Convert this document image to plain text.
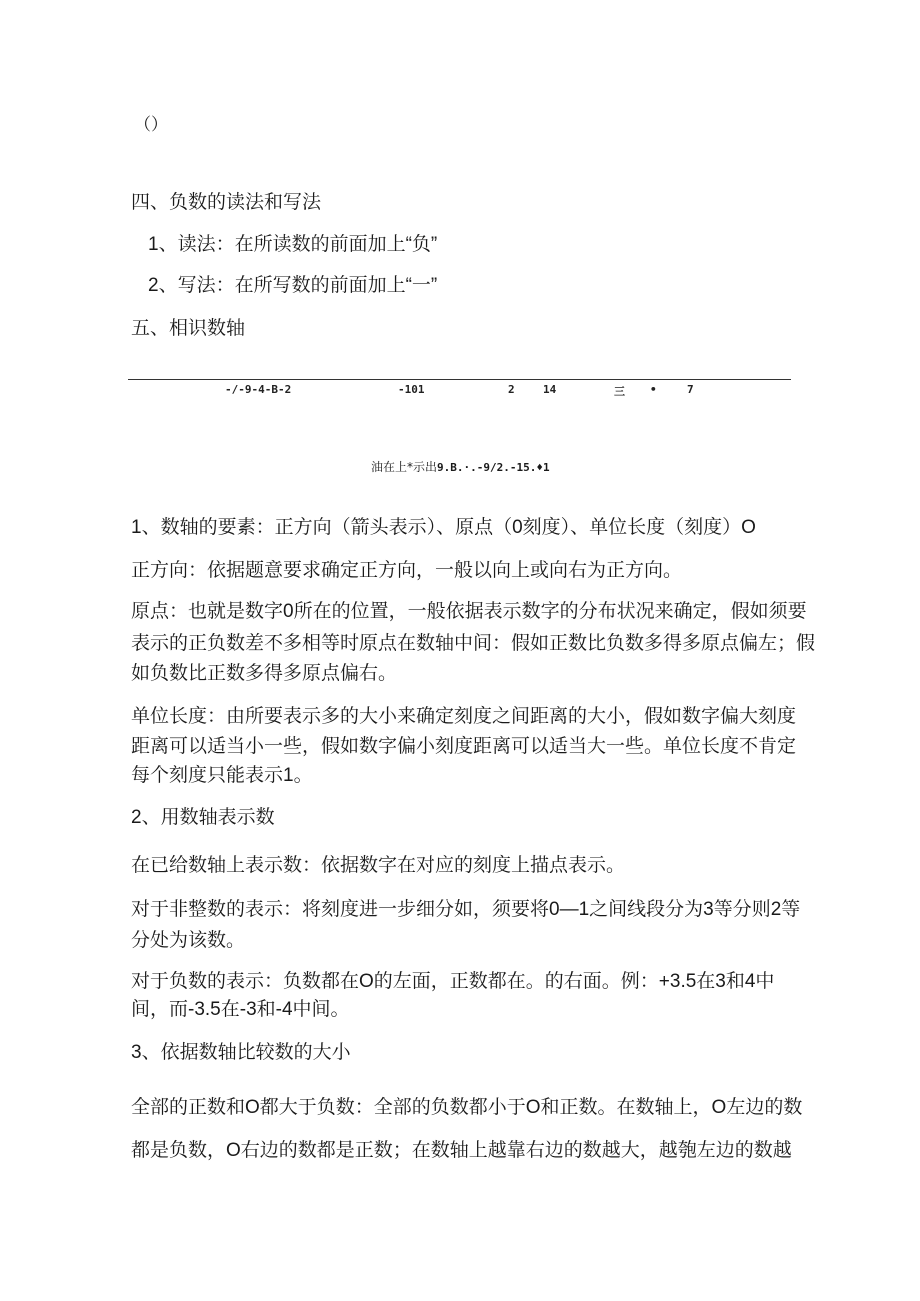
（）
四、负数的读法和写法
1、读法：在所读数的前面加上“负”
2、写法：在所写数的前面加上“一”
五、相识数轴
-/-9-4-B-2	-101	2	14	三 •	7
油在上*示出9.B.·.-9/2.-15.♦1
1、数轴的要素：正方向（箭头表示）、原点（0刻度）、单位长度（刻度）O
正方向：依据题意要求确定正方向，一般以向上或向右为正方向。
原点：也就是数字0所在的位置，一般依据表示数字的分布状况来确定，假如须要
表示的正负数差不多相等时原点在数轴中间：假如正数比负数多得多原点偏左；假
如负数比正数多得多原点偏右。
单位长度：由所要表示多的大小来确定刻度之间距离的大小，假如数字偏大刻度
距离可以适当小一些，假如数字偏小刻度距离可以适当大一些。单位长度不肯定
每个刻度只能表示1。
2、用数轴表示数
在已给数轴上表示数：依据数字在对应的刻度上描点表示。
对于非整数的表示：将刻度进一步细分如，须要将0—1之间线段分为3等分则2等
分处为该数。
对于负数的表示：负数都在O的左面，正数都在。的右面。例：+3.5在3和4中
间，而-3.5在-3和-4中间。
3、依据数轴比较数的大小
全部的正数和O都大于负数：全部的负数都小于O和正数。在数轴上，O左边的数
都是负数，O右边的数都是正数；在数轴上越靠右边的数越大，越匏左边的数越
